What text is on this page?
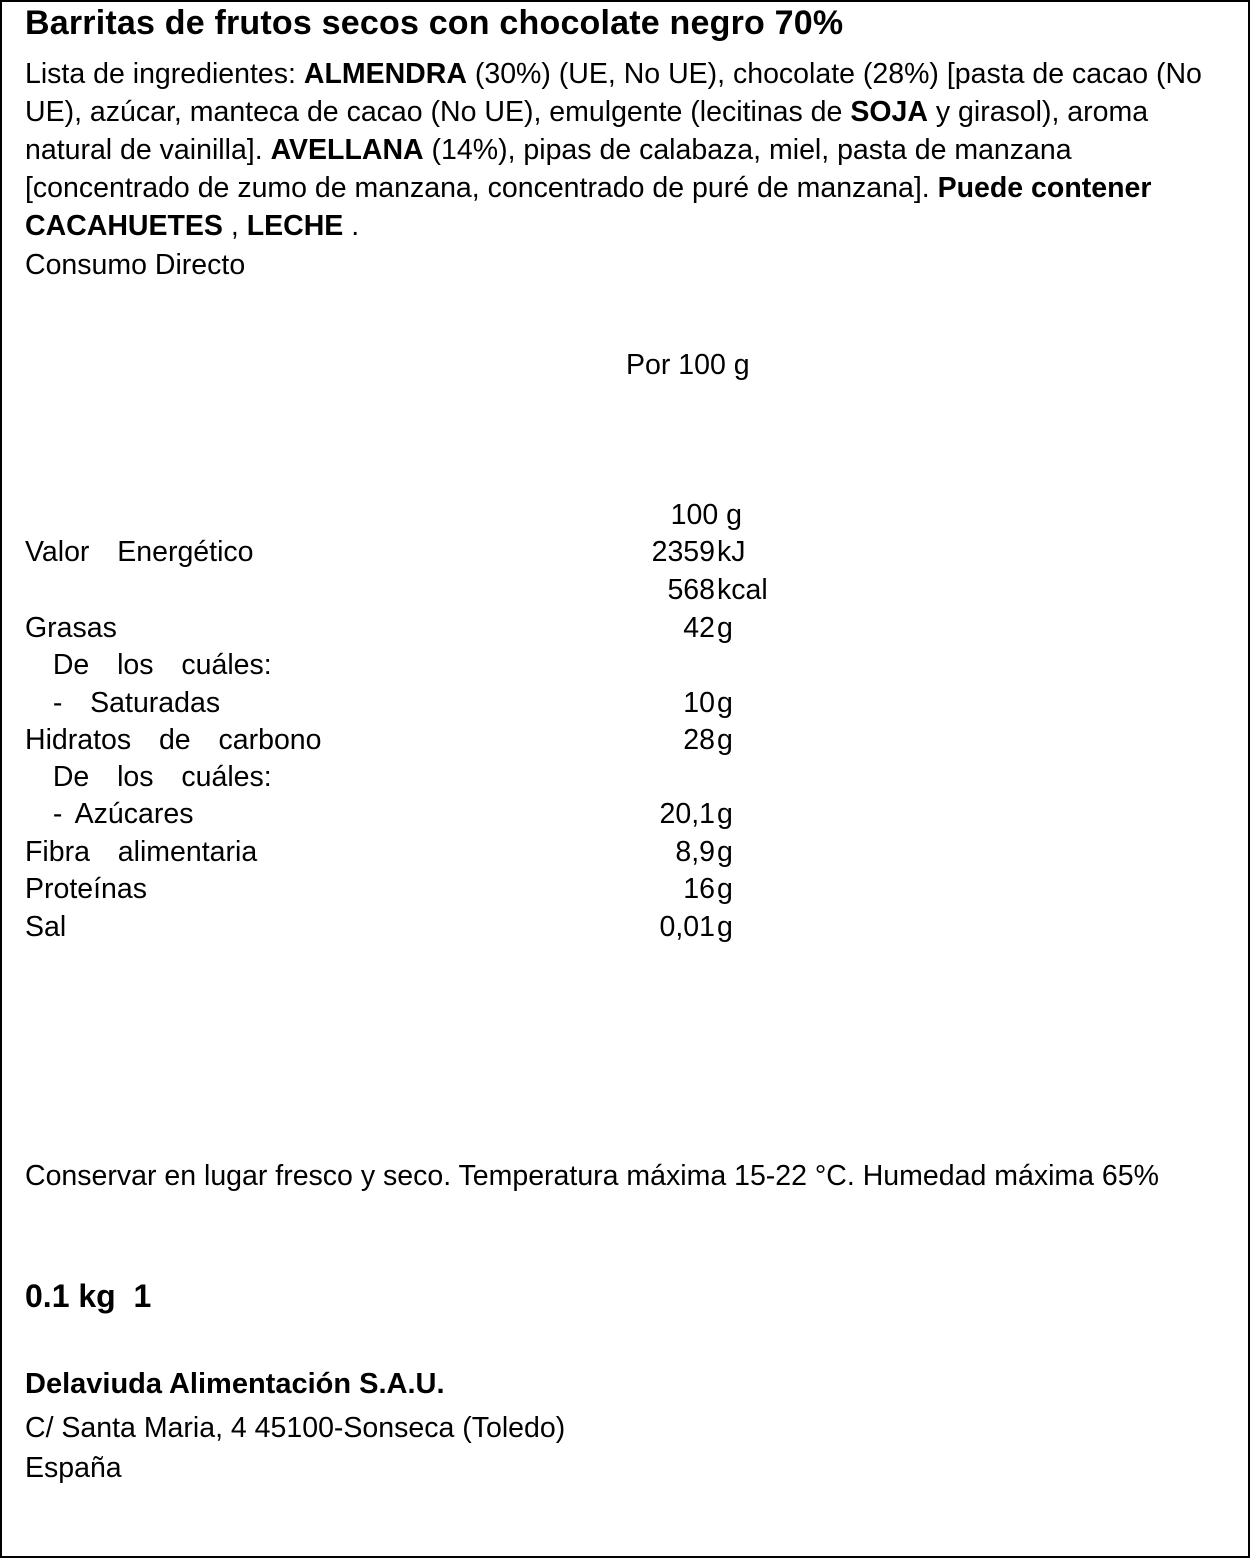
Barritas de frutos secos con chocolate negro 70%
Lista de ingredientes: ALMENDRA (30%) (UE, No UE), chocolate (28%) [pasta de cacao (No UE), azúcar, manteca de cacao (No UE), emulgente (lecitinas de SOJA y girasol), aroma natural de vainilla]. AVELLANA (14%), pipas de calabaza, miel, pasta de manzana [concentrado de zumo de manzana, concentrado de puré de manzana]. Puede contener CACAHUETES , LECHE .
Consumo Directo
Por 100 g
100 g
Valor  Energético	2359 kJ
568 kcal
Grasas	42 g
De  los  cuáles:
-  Saturadas	10 g
Hidratos  de  carbono	28 g
De  los  cuáles:
- Azúcares	20,1 g
Fibra  alimentaria	8,9 g
Proteínas	16 g
Sal	0,01 g
Conservar en lugar fresco y seco. Temperatura máxima 15-22 °C. Humedad máxima 65%
0.1 kg  1
Delaviuda Alimentación S.A.U.
C/ Santa Maria, 4 45100-Sonseca (Toledo)
España
